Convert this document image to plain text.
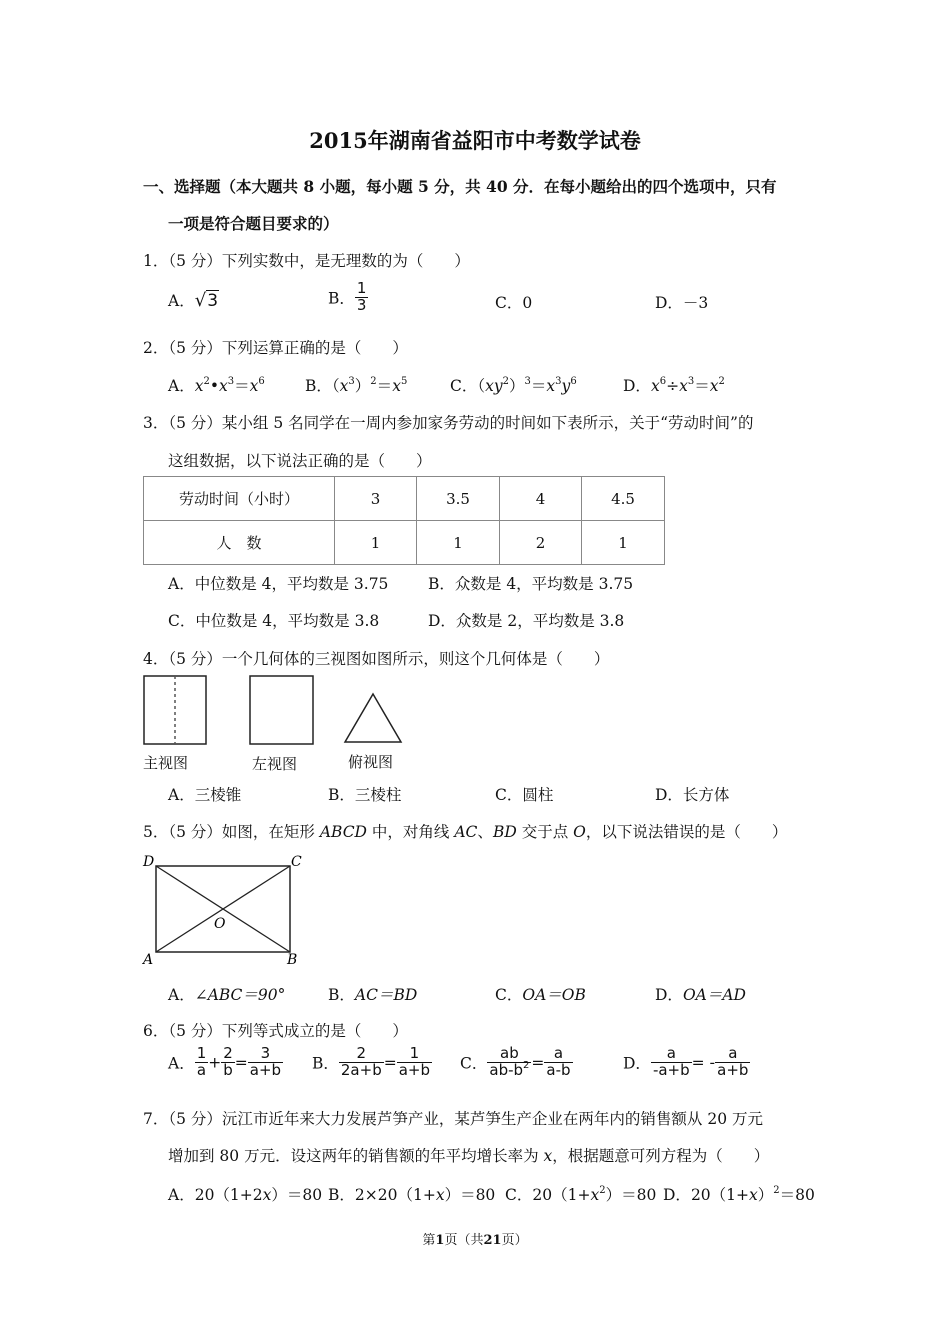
2015年湖南省益阳市中考数学试卷
一、选择题（本大题共 8 小题，每小题 5 分，共 40 分．在每小题给出的四个选项中，只有
一项是符合题目要求的）
1．（5 分）下列实数中，是无理数的为（　　）
A．√3	B． $\frac{1}{3}$	C．0	D．－3
2．（5 分）下列运算正确的是（　　）
A．$x^2•x^3=x^6$	B．$(x^3)^2=x^5$	C．$(xy^2)^3=x^3y^6$	D．$x^6\div x^3=x^2$
3．（5 分）某小组 5 名同学在一周内参加家务劳动的时间如下表所示，关于“劳动时间”的
这组数据，以下说法正确的是（　　）
劳动时间（小时）	3	3.5	4	4.5
人　数	1	1	2	1
A．中位数是 4，平均数是 3.75	B．众数是 4，平均数是 3.75
C．中位数是 4，平均数是 3.8	D．众数是 2，平均数是 3.8
4．（5 分）一个几何体的三视图如图所示，则这个几何体是（　　）
主视图	左视图	俯视图
A．三棱锥	B．三棱柱	C．圆柱	D．长方体
5．（5 分）如图，在矩形 ABCD 中，对角线 AC、BD 交于点 O，以下说法错误的是（　　）
D	C
A	B
O
A．∠ABC＝90°	B．AC＝BD	C．OA＝OB	D．OA＝AD
6．（5 分）下列等式成立的是（　　）
A． $\frac{1}{a} + \frac{2}{b} = \frac{3}{a+b}$ B． $\frac{2}{2a+b} = \frac{1}{a+b}$ C． $\frac{ab}{ab-b^2} = \frac{a}{a-b}$	D． $\frac{a}{-a+b}$ = - $\frac{a}{a+b}$
7．（5 分）沅江市近年来大力发展芦笋产业，某芦笋生产企业在两年内的销售额从 20 万元
增加到 80 万元．设这两年的销售额的年平均增长率为 x，根据题意可列方程为（　　）
A．20（1+2x）＝80 B．2×20（1+x）＝80 C．$20(1+x^2)=80$ D．$20(1+x)^2=80$
第1页（共21页）
